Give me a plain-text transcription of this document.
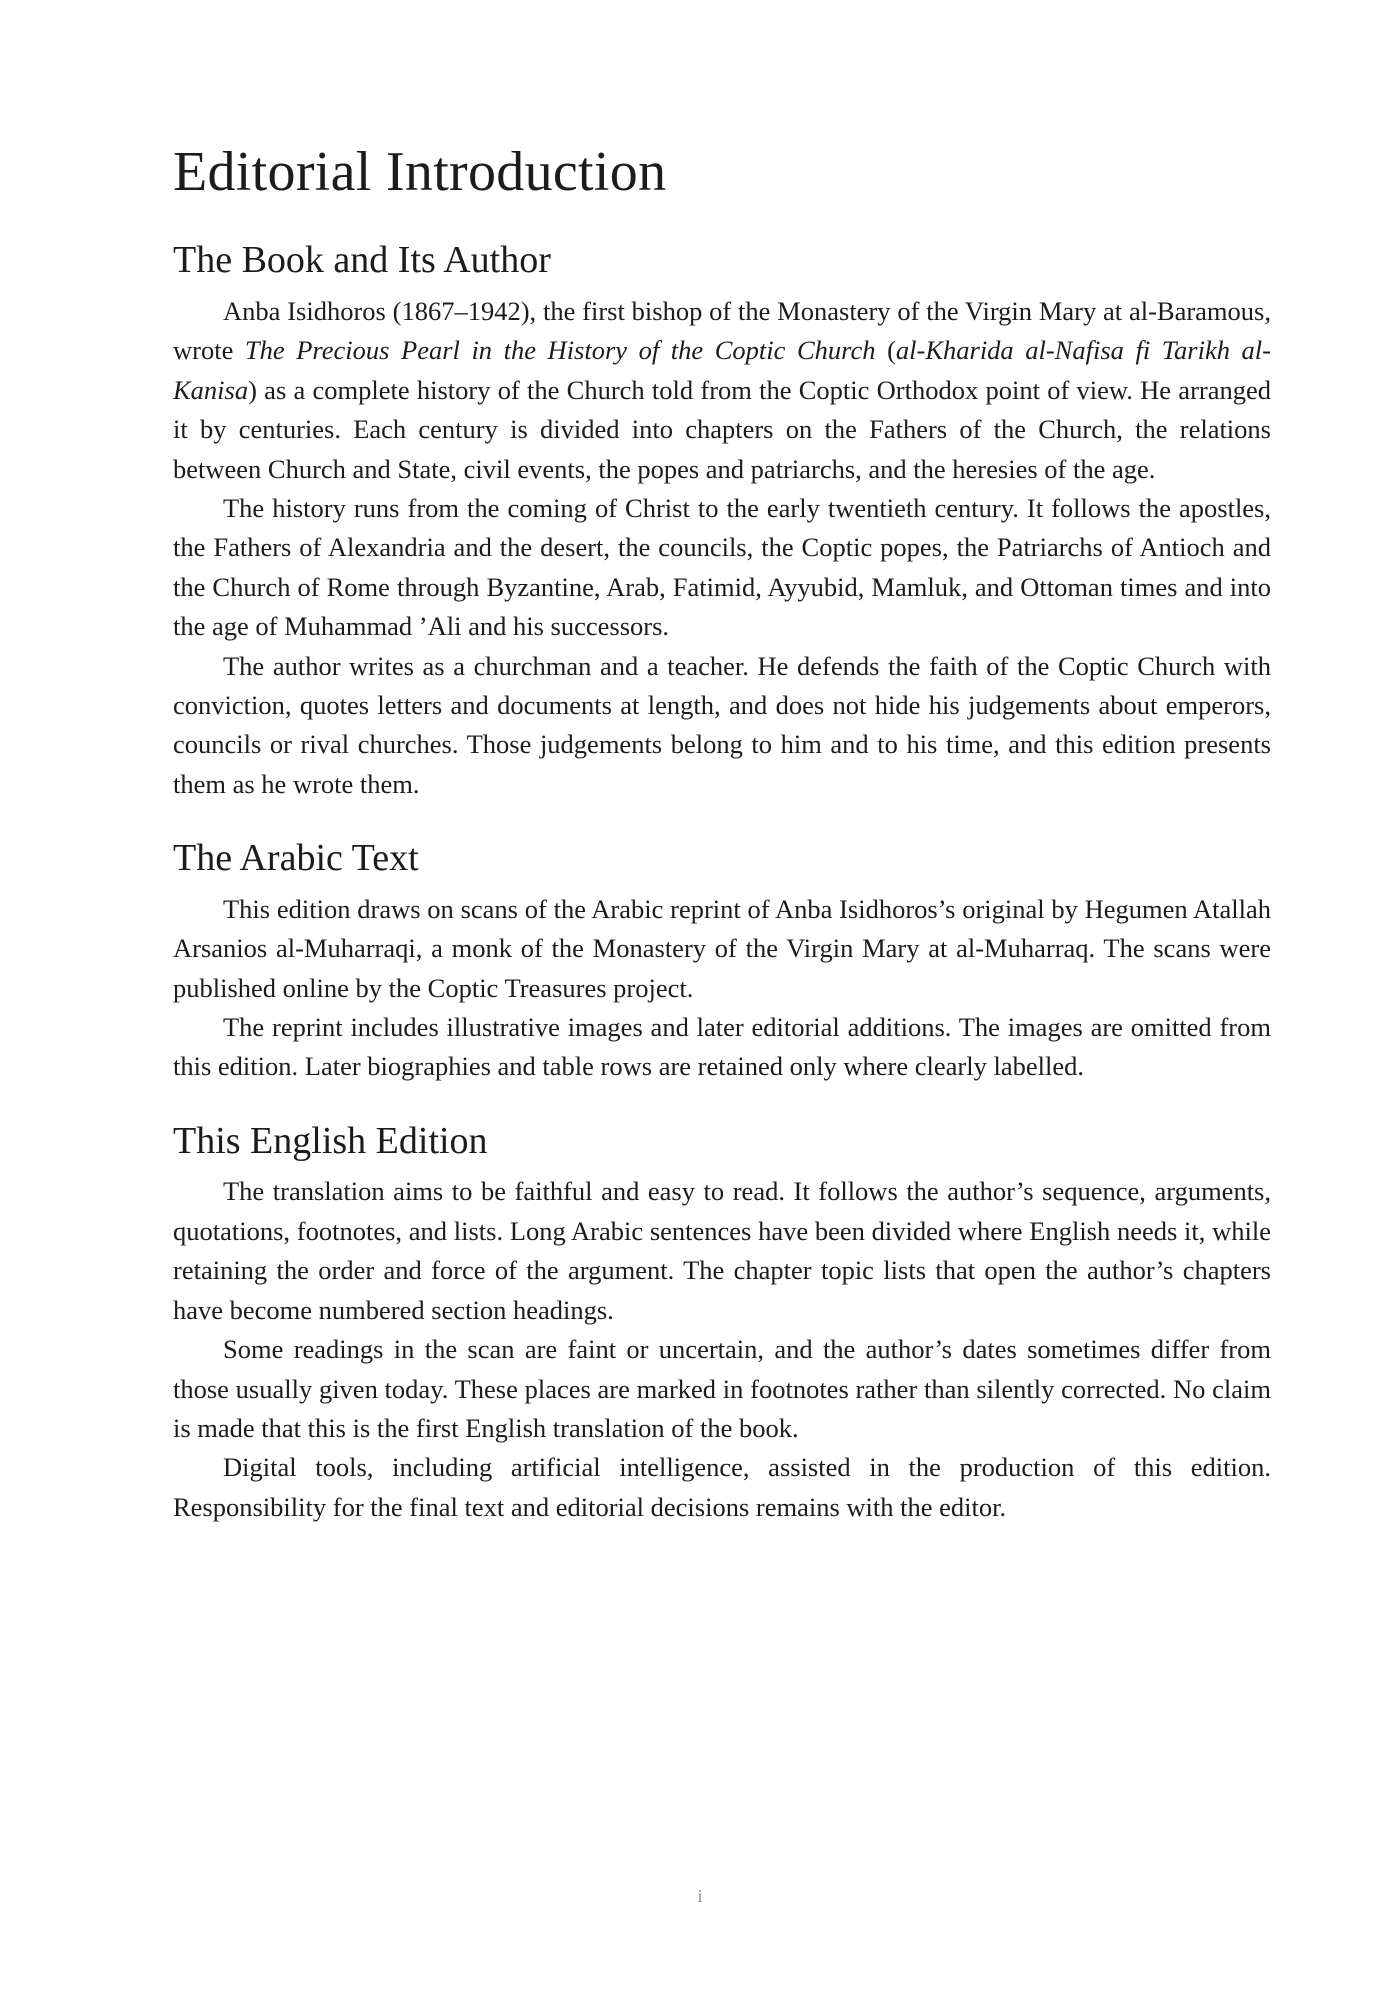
Editorial Introduction
The Book and Its Author

Anba Isidhoros (1867–1942), the first bishop of the Monastery of the Virgin Mary at al-Baramous, wrote The Precious Pearl in the History of the Coptic Church (al-Kharida al-Nafisa fi Tarikh al-Kanisa) as a complete history of the Church told from the Coptic Orthodox point of view. He arranged it by centuries. Each century is divided into chapters on the Fathers of the Church, the relations between Church and State, civil events, the popes and patriarchs, and the heresies of the age.

The history runs from the coming of Christ to the early twentieth century. It follows the apostles, the Fathers of Alexandria and the desert, the councils, the Coptic popes, the Patriarchs of Antioch and the Church of Rome through Byzantine, Arab, Fatimid, Ayyubid, Mamluk, and Ottoman times and into the age of Muhammad ’Ali and his successors.

The author writes as a churchman and a teacher. He defends the faith of the Coptic Church with conviction, quotes letters and documents at length, and does not hide his judgements about emperors, councils or rival churches. Those judgements belong to him and to his time, and this edition presents them as he wrote them.

The Arabic Text

This edition draws on scans of the Arabic reprint of Anba Isidhoros’s original by Hegumen Atallah Arsanios al-Muharraqi, a monk of the Monastery of the Virgin Mary at al-Muharraq. The scans were published online by the Coptic Treasures project.

The reprint includes illustrative images and later editorial additions. The images are omitted from this edition. Later biographies and table rows are retained only where clearly labelled.

This English Edition

The translation aims to be faithful and easy to read. It follows the author’s sequence, arguments, quotations, footnotes, and lists. Long Arabic sentences have been divided where English needs it, while retaining the order and force of the argument. The chapter topic lists that open the author’s chapters have become numbered section headings.

Some readings in the scan are faint or uncertain, and the author’s dates sometimes differ from those usually given today. These places are marked in footnotes rather than silently corrected. No claim is made that this is the first English translation of the book.

Digital tools, including artificial intelligence, assisted in the production of this edition. Responsibility for the final text and editorial decisions remains with the editor.

i
